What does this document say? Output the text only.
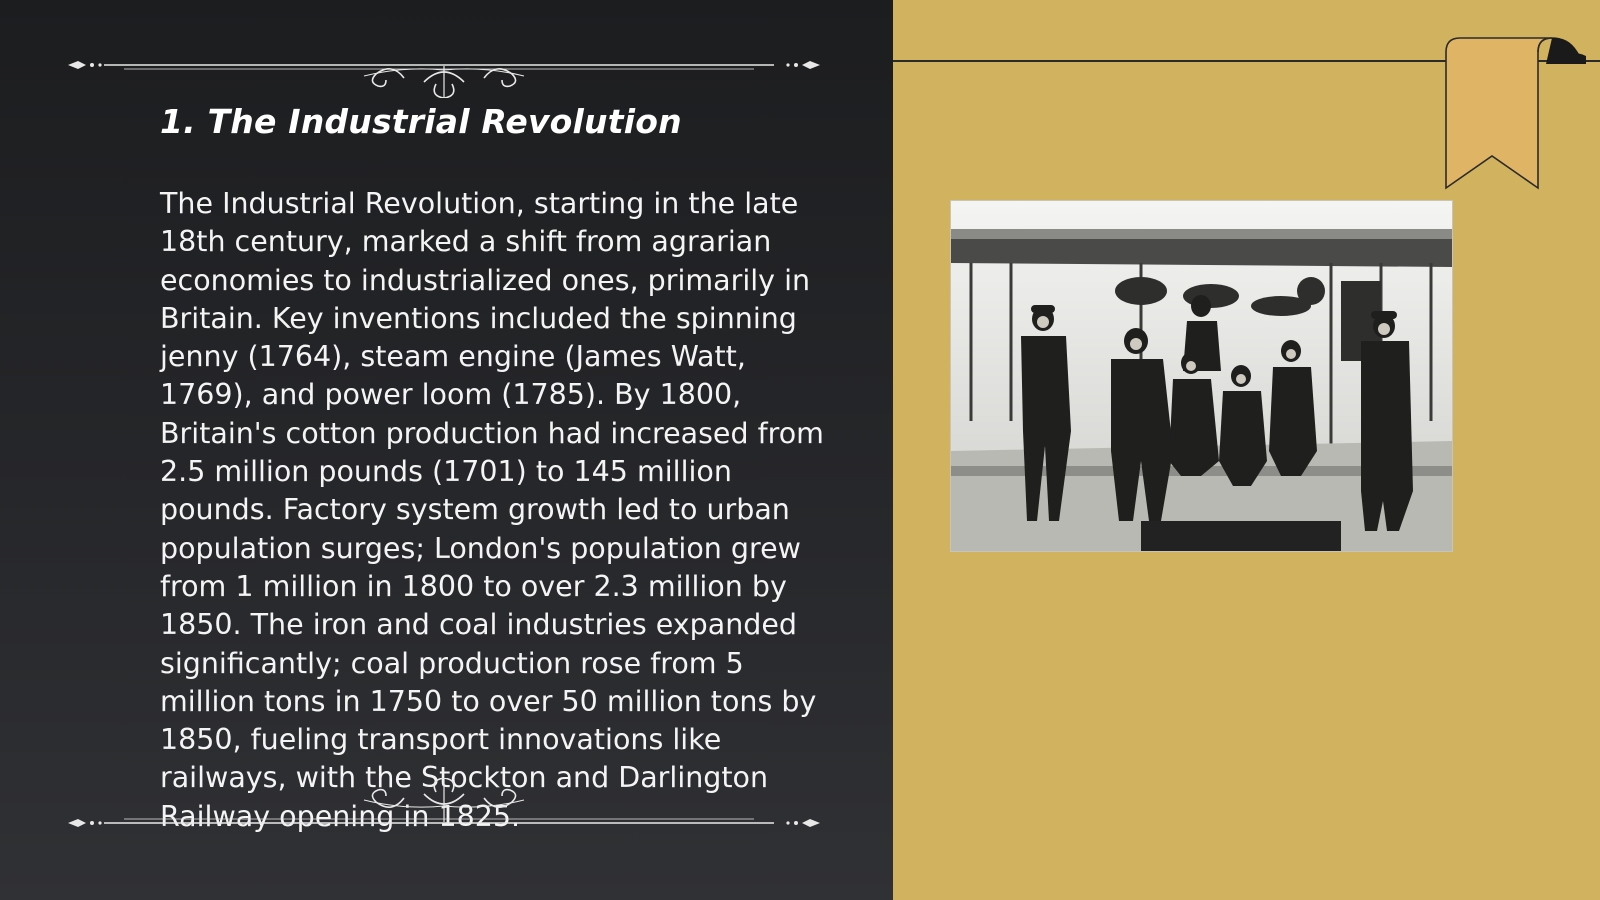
1. The Industrial Revolution

The Industrial Revolution, starting in the late 18th century, marked a shift from agrarian economies to industrialized ones, primarily in Britain. Key inventions included the spinning jenny (1764), steam engine (James Watt, 1769), and power loom (1785). By 1800, Britain's cotton production had increased from 2.5 million pounds (1701) to 145 million pounds. Factory system growth led to urban population surges; London's population grew from 1 million in 1800 to over 2.3 million by 1850. The iron and coal industries expanded significantly; coal production rose from 5 million tons in 1750 to over 50 million tons by 1850, fueling transport innovations like railways, with the Stockton and Darlington Railway opening in 1825.
